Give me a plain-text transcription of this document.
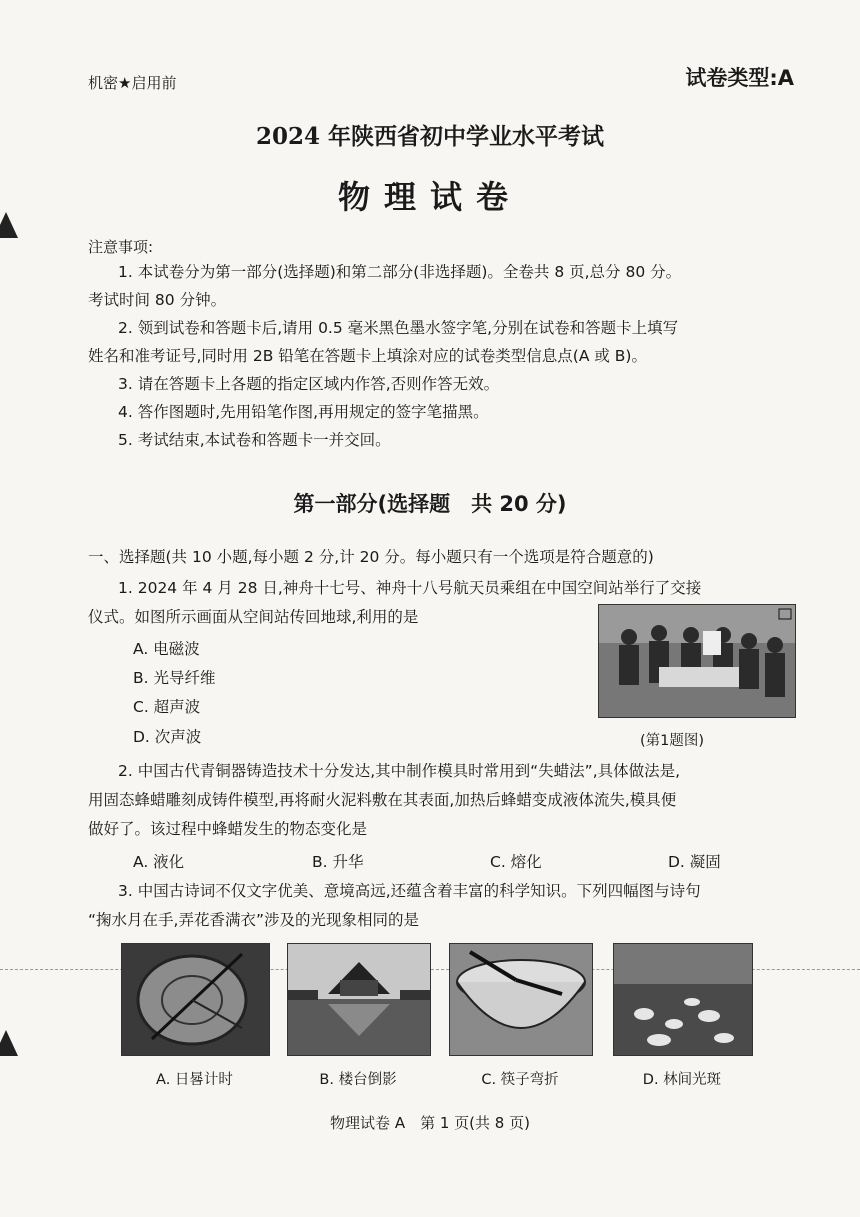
机密★启用前	试卷类型:A
2024 年陕西省初中学业水平考试
物理试卷
注意事项:
1. 本试卷分为第一部分(选择题)和第二部分(非选择题)。全卷共 8 页,总分 80 分。
考试时间 80 分钟。
2. 领到试卷和答题卡后,请用 0.5 毫米黑色墨水签字笔,分别在试卷和答题卡上填写
姓名和准考证号,同时用 2B 铅笔在答题卡上填涂对应的试卷类型信息点(A 或 B)。
3. 请在答题卡上各题的指定区域内作答,否则作答无效。
4. 答作图题时,先用铅笔作图,再用规定的签字笔描黑。
5. 考试结束,本试卷和答题卡一并交回。
第一部分(选择题　共 20 分)
一、选择题(共 10 小题,每小题 2 分,计 20 分。每小题只有一个选项是符合题意的)
1. 2024 年 4 月 28 日,神舟十七号、神舟十八号航天员乘组在中国空间站举行了交接
仪式。如图所示画面从空间站传回地球,利用的是
A. 电磁波
B. 光导纤维
C. 超声波
D. 次声波	(第1题图)
2. 中国古代青铜器铸造技术十分发达,其中制作模具时常用到“失蜡法”,具体做法是,
用固态蜂蜡雕刻成铸件模型,再将耐火泥料敷在其表面,加热后蜂蜡变成液体流失,模具便
做好了。该过程中蜂蜡发生的物态变化是
A. 液化	B. 升华	C. 熔化	D. 凝固
3. 中国古诗词不仅文字优美、意境高远,还蕴含着丰富的科学知识。下列四幅图与诗句
“掬水月在手,弄花香满衣”涉及的光现象相同的是
A. 日晷计时	B. 楼台倒影	C. 筷子弯折	D. 林间光斑
物理试卷 A　第 1 页(共 8 页)
